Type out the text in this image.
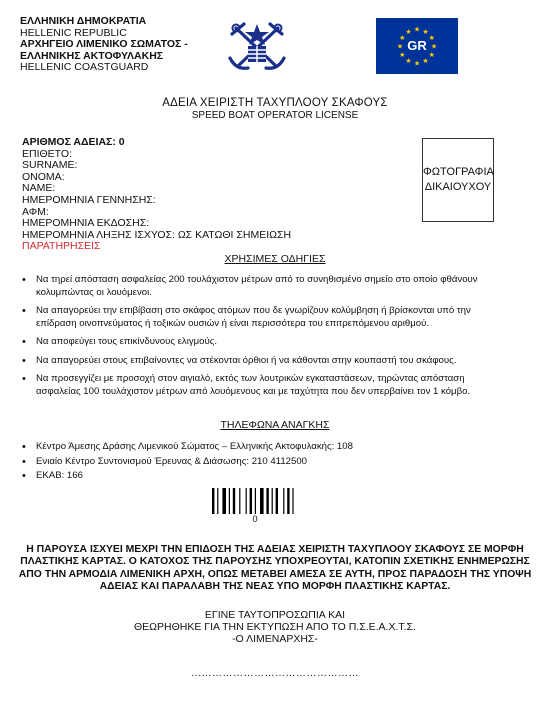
ΕΛΛΗΝΙΚΗ ΔΗΜΟΚΡΑΤΙΑ
HELLENIC REPUBLIC
ΑΡΧΗΓΕΙΟ ΛΙΜΕΝΙΚΟ ΣΩΜΑΤΟΣ -
ΕΛΛΗΝΙΚΗΣ ΑΚΤΟΦΥΛΑΚΗΣ
HELLENIC COASTGUARD
★ ★
★
★
★
★
★
★
★
★
★
★
GR
ΑΔΕΙΑ ΧΕΙΡΙΣΤΗ ΤΑΧΥΠΛΟΟΥ ΣΚΑΦΟΥΣ
SPEED BOAT OPERATOR LICENSE
ΑΡΙΘΜΟΣ ΑΔΕΙΑΣ: 0
ΕΠΙΘΕΤΟ:
SURNAME:
ΟΝΟΜΑ:
NAME:
ΗΜΕΡΟΜΗΝΙΑ ΓΕΝΝΗΣΗΣ:
ΑΦΜ:
ΗΜΕΡΟΜΗΝΙΑ ΕΚΔΟΣΗΣ:
ΗΜΕΡΟΜΗΝΙΑ ΛΗΞΗΣ ΙΣΧΥΟΣ: ΩΣ ΚΑΤΩΘΙ ΣΗΜΕΙΩΣΗ
ΠΑΡΑΤΗΡΗΣΕΙΣ
ΦΩΤΟΓΡΑΦΙΑ
ΔΙΚΑΙΟΥΧΟΥ
ΧΡΗΣΙΜΕΣ ΟΔΗΓΙΕΣ
• Να τηρεί απόσταση ασφαλείας 200 τουλάχιστον μέτρων από το συνηθισμένο σημείο στο οποίο φθάνουν κολυμπώντας οι λουόμενοι.
• Να απαγορεύει την επιβίβαση στο σκάφος ατόμων που δε γνωρίζουν κολύμβηση ή βρίσκονται υπό την επίδραση οινοπνεύματος ή τοξικών ουσιών ή είναι περισσότερα του επιτρεπόμενου αριθμού.
• Να αποφεύγει τους επικίνδυνους ελιγμούς.
• Να απαγορεύει στους επιβαίνοντες να στέκονται όρθιοι ή να κάθονται στην κουπαστή του σκάφους.
• Να προσεγγίζει με προσοχή στον αιγιαλό, εκτός των λουτρικών εγκαταστάσεων, τηρώντας απόσταση ασφαλείας 100 τουλάχιστον μέτρων από λουόμενους και με ταχύτητα που δεν υπερβαίνει τον 1 κόμβο.
ΤΗΛΕΦΩΝΑ ΑΝΑΓΚΗΣ
• Κέντρο Άμεσης Δράσης Λιμενικού Σώματος – Ελληνικής Ακτοφυλακής: 108
• Ενιαίο Κέντρο Συντονισμού Έρευνας & Διάσωσης: 210 4112500
• ΕΚΑΒ: 166
0
Η ΠΑΡΟΥΣΑ ΙΣΧΥΕΙ ΜΕΧΡΙ ΤΗΝ ΕΠΙΔΟΣΗ ΤΗΣ ΑΔΕΙΑΣ ΧΕΙΡΙΣΤΗ ΤΑΧΥΠΛΟΟΥ ΣΚΑΦΟΥΣ ΣΕ ΜΟΡΦΗ ΠΛΑΣΤΙΚΗΣ ΚΑΡΤΑΣ. Ο ΚΑΤΟΧΟΣ ΤΗΣ ΠΑΡΟΥΣΗΣ ΥΠΟΧΡΕΟΥΤΑΙ, ΚΑΤΟΠΙΝ ΣΧΕΤΙΚΗΣ ΕΝΗΜΕΡΩΣΗΣ ΑΠΟ ΤΗΝ ΑΡΜΟΔΙΑ ΛΙΜΕΝΙΚΗ ΑΡΧΗ, ΟΠΩΣ ΜΕΤΑΒΕΙ ΑΜΕΣΑ ΣΕ ΑΥΤΗ, ΠΡΟΣ ΠΑΡΑΔΟΣΗ ΤΗΣ ΥΠΟΨΗ ΑΔΕΙΑΣ ΚΑΙ ΠΑΡΑΛΑΒΗ ΤΗΣ ΝΕΑΣ ΥΠΟ ΜΟΡΦΗ ΠΛΑΣΤΙΚΗΣ ΚΑΡΤΑΣ.
ΕΓΙΝΕ ΤΑΥΤΟΠΡΟΣΩΠΙΑ ΚΑΙ
ΘΕΩΡΗΘΗΚΕ ΓΙΑ ΤΗΝ ΕΚΤΥΠΩΣΗ ΑΠΟ ΤΟ Π.Σ.Ε.Α.Χ.Τ.Σ.
-Ο ΛΙΜΕΝΑΡΧΗΣ-
…………………………………………
